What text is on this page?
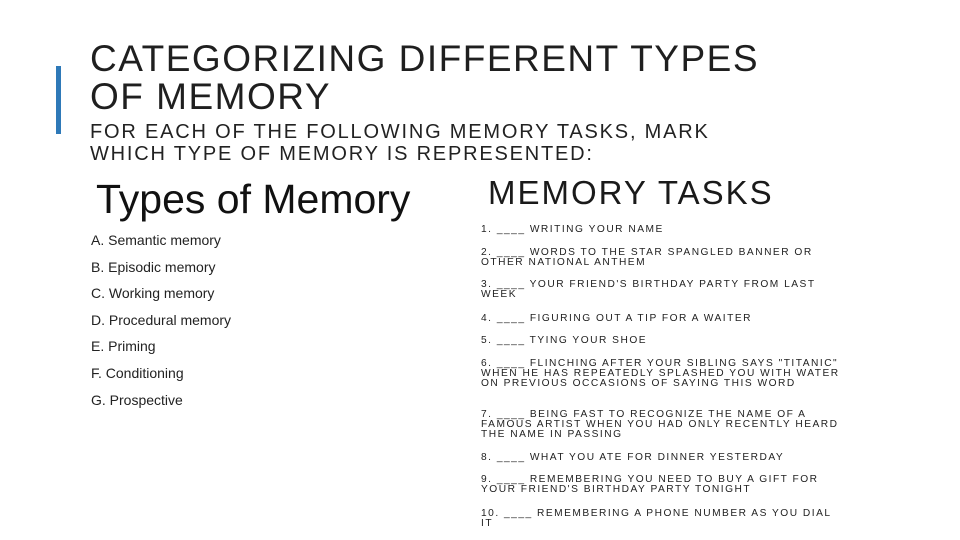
CATEGORIZING DIFFERENT TYPES
OF MEMORY

FOR EACH OF THE FOLLOWING MEMORY TASKS, MARK
WHICH TYPE OF MEMORY IS REPRESENTED:

Types of Memory MEMORY TASKS
A. Semantic memory
B. Episodic memory
C. Working memory
D. Procedural memory
E. Priming
F. Conditioning
G. Prospective

1. ____ WRITING YOUR NAME

2. ____ WORDS TO THE STAR SPANGLED BANNER OR OTHER NATIONAL ANTHEM

3. ____ YOUR FRIEND'S BIRTHDAY PARTY FROM LAST WEEK

4. ____ FIGURING OUT A TIP FOR A WAITER

5. ____ TYING YOUR SHOE

6. ____ FLINCHING AFTER YOUR SIBLING SAYS "TITANIC" WHEN HE HAS REPEATEDLY SPLASHED YOU WITH WATER ON PREVIOUS OCCASIONS OF SAYING THIS WORD

7. ____ BEING FAST TO RECOGNIZE THE NAME OF A FAMOUS ARTIST WHEN YOU HAD ONLY RECENTLY HEARD THE NAME IN PASSING

8. ____ WHAT YOU ATE FOR DINNER YESTERDAY

9. ____ REMEMBERING YOU NEED TO BUY A GIFT FOR YOUR FRIEND'S BIRTHDAY PARTY TONIGHT

10. ____ REMEMBERING A PHONE NUMBER AS YOU DIAL IT
